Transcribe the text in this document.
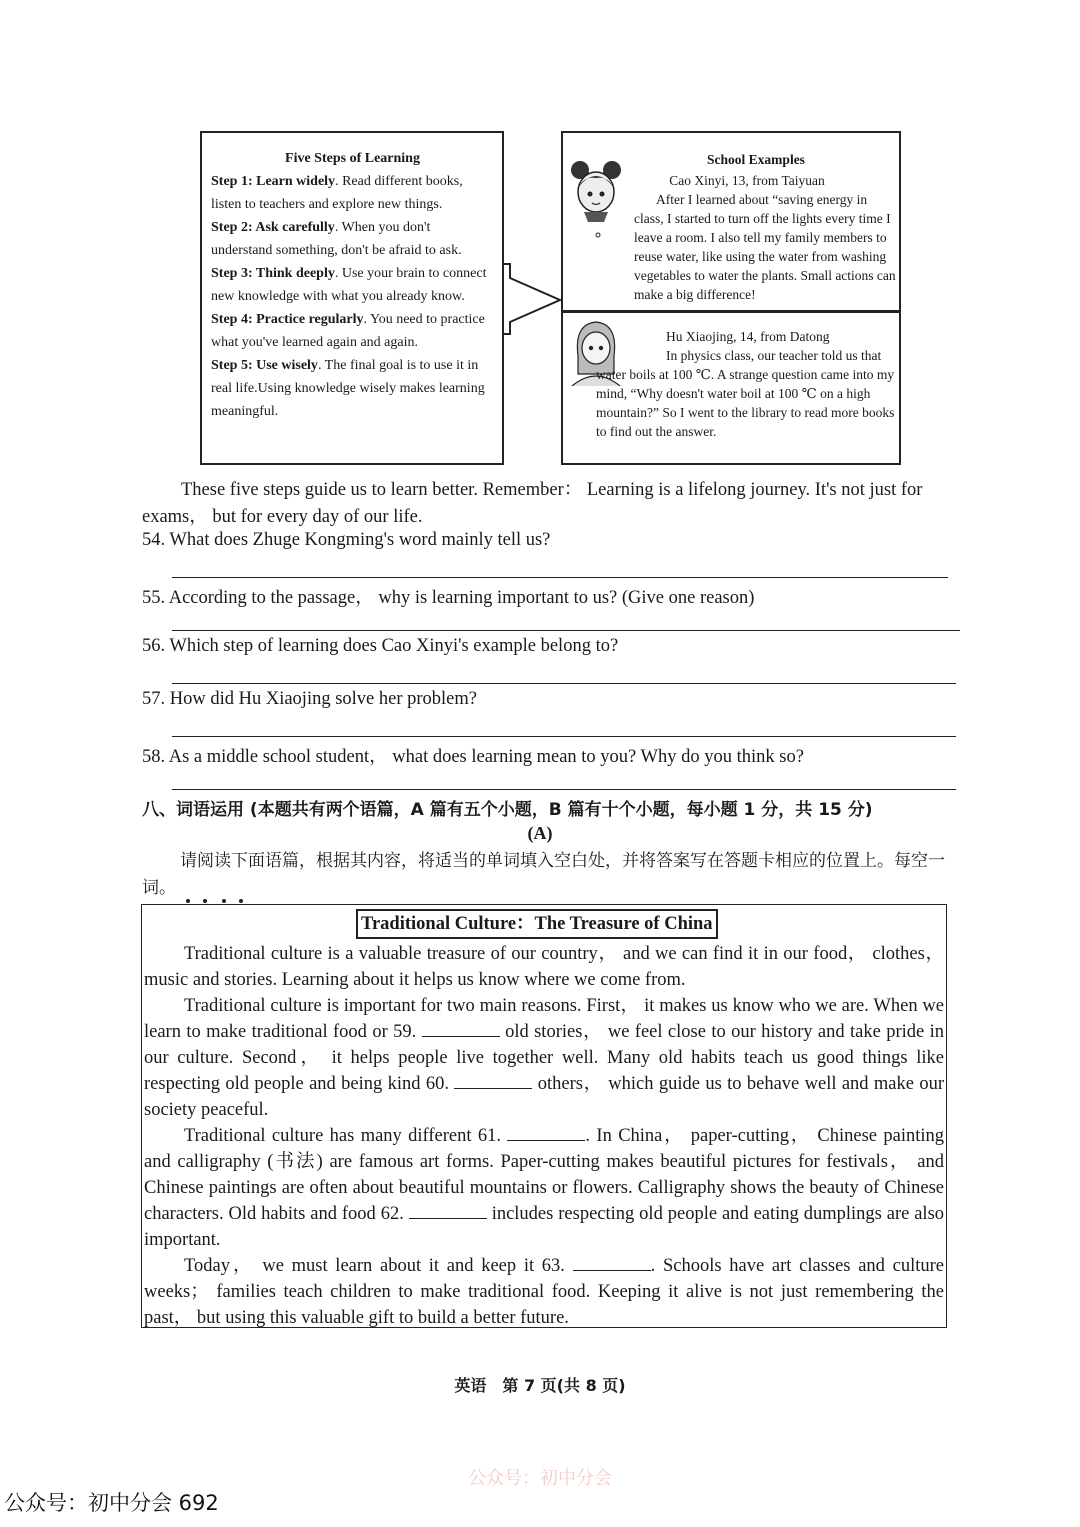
Five Steps of Learning

Step 1: Learn widely. Read different books, listen to teachers and explore new things.

Step 2: Ask carefully. When you don't understand something, don't be afraid to ask.

Step 3: Think deeply. Use your brain to connect new knowledge with what you already know.

Step 4: Practice regularly. You need to practice what you've learned again and again.

Step 5: Use wisely. The final goal is to use it in real life.Using knowledge wisely makes learning meaningful.

School Examples
Cao Xinyi, 13, from Taiyuan
After I learned about “saving energy in class, I started to turn off the lights every time I leave a room. I also tell my family members to reuse water, like using the water from washing vegetables to water the plants. Small actions can make a big difference!
Hu Xiaojing, 14, from Datong
In physics class, our teacher told us that water boils at 100 ℃. A strange question came into my mind, “Why doesn't water boil at 100 ℃ on a high mountain?” So I went to the library to read more books to find out the answer.
These five steps guide us to learn better. Remember： Learning is a lifelong journey. It's not just for exams， but for every day of our life.
54. What does Zhuge Kongming's word mainly tell us?
55. According to the passage， why is learning important to us? (Give one reason)
56. Which step of learning does Cao Xinyi's example belong to?
57. How did Hu Xiaojing solve her problem?
58. As a middle school student， what does learning mean to you? Why do you think so?
八、词语运用 (本题共有两个语篇，A 篇有五个小题，B 篇有十个小题，每小题 1 分，共 15 分)
(A)
请阅读下面语篇，根据其内容，将适当的单词填入空白处，并将答案写在答题卡相应的位置上。每空一词。
Traditional Culture：The Treasure of China

Traditional culture is a valuable treasure of our country， and we can find it in our food， clothes， music and stories. Learning about it helps us know where we come from.

Traditional culture is important for two main reasons. First， it makes us know who we are. When we learn to make traditional food or 59.	old stories， we feel close to our history and take pride in our culture. Second， it helps people live together well. Many old habits teach us good things like respecting old people and being kind 60.	others， which guide us to behave well and make our society peaceful.

Traditional culture has many different 61.	. In China， paper-cutting， Chinese painting and calligraphy (书法) are famous art forms. Paper-cutting makes beautiful pictures for festivals， and Chinese paintings are often about beautiful mountains or flowers. Calligraphy shows the beauty of Chinese characters. Old habits and food 62.	includes respecting old people and eating dumplings are also important.

Today， we must learn about it and keep it 63.	. Schools have art classes and culture weeks； families teach children to make traditional food. Keeping it alive is not just remembering the past， but using this valuable gift to build a better future.

英语　第 7 页(共 8 页)
公众号：初中分会
公众号：初中分会 692
